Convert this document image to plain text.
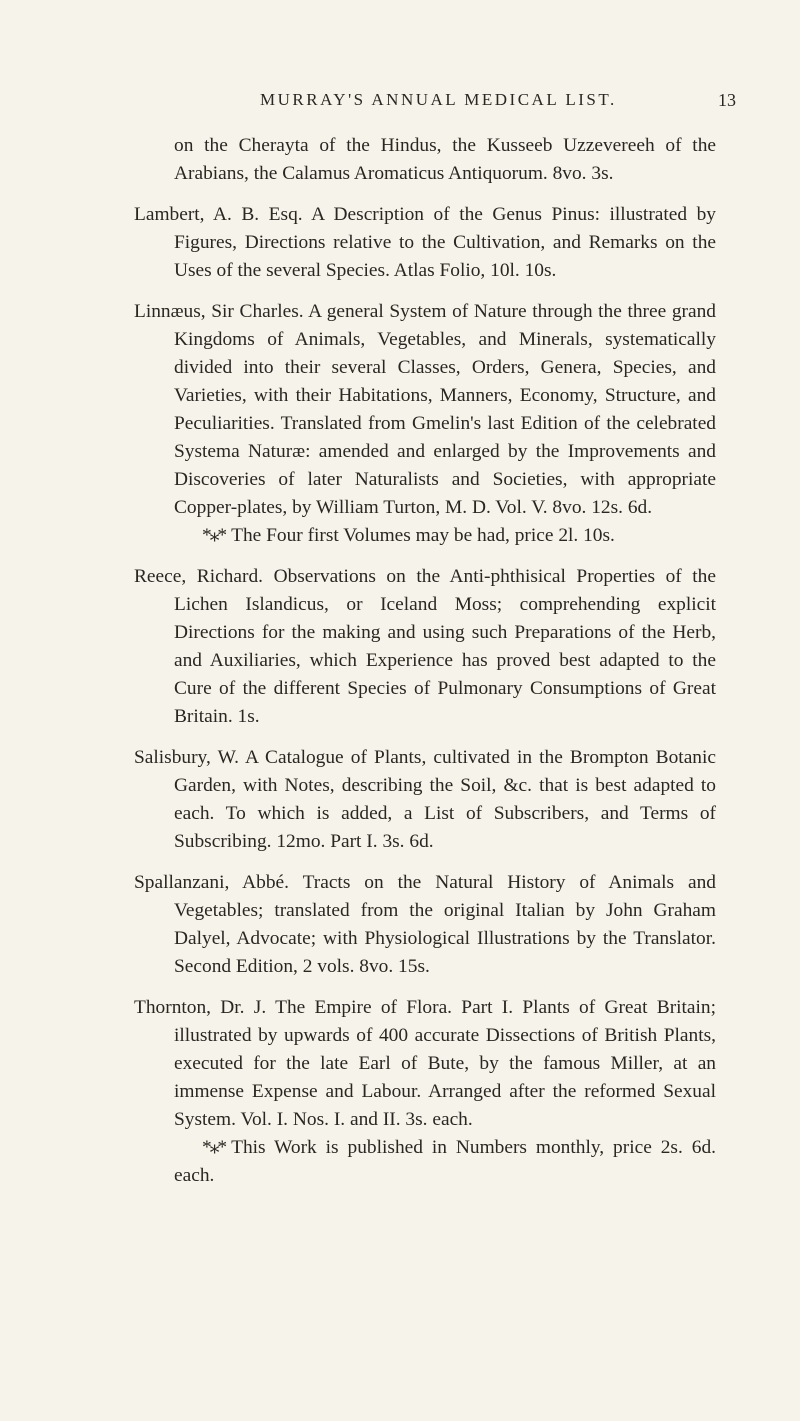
MURRAY'S ANNUAL MEDICAL LIST.	13

on the Cherayta of the Hindus, the Kusseeb Uzzevereeh of the Arabians, the Calamus Aromaticus Antiquorum. 8vo. 3s.

Lambert, A. B. Esq. A Description of the Genus Pinus: illustrated by Figures, Directions relative to the Cultivation, and Remarks on the Uses of the several Species. Atlas Folio, 10l. 10s.

Linnæus, Sir Charles. A general System of Nature through the three grand Kingdoms of Animals, Vegetables, and Minerals, systematically divided into their several Classes, Orders, Genera, Species, and Varieties, with their Habitations, Manners, Economy, Structure, and Peculiarities. Translated from Gmelin's last Edition of the celebrated Systema Naturæ: amended and enlarged by the Improvements and Discoveries of later Naturalists and Societies, with appropriate Copper-plates, by William Turton, M. D. Vol. V. 8vo. 12s. 6d.
*⁎* The Four first Volumes may be had, price 2l. 10s.

Reece, Richard. Observations on the Anti-phthisical Properties of the Lichen Islandicus, or Iceland Moss; comprehending explicit Directions for the making and using such Preparations of the Herb, and Auxiliaries, which Experience has proved best adapted to the Cure of the different Species of Pulmonary Consumptions of Great Britain. 1s.

Salisbury, W. A Catalogue of Plants, cultivated in the Brompton Botanic Garden, with Notes, describing the Soil, &c. that is best adapted to each. To which is added, a List of Subscribers, and Terms of Subscribing. 12mo. Part I. 3s. 6d.

Spallanzani, Abbé. Tracts on the Natural History of Animals and Vegetables; translated from the original Italian by John Graham Dalyel, Advocate; with Physiological Illustrations by the Translator. Second Edition, 2 vols. 8vo. 15s.

Thornton, Dr. J. The Empire of Flora. Part I. Plants of Great Britain; illustrated by upwards of 400 accurate Dissections of British Plants, executed for the late Earl of Bute, by the famous Miller, at an immense Expense and Labour. Arranged after the reformed Sexual System. Vol. I. Nos. I. and II. 3s. each.
*⁎* This Work is published in Numbers monthly, price 2s. 6d. each.
